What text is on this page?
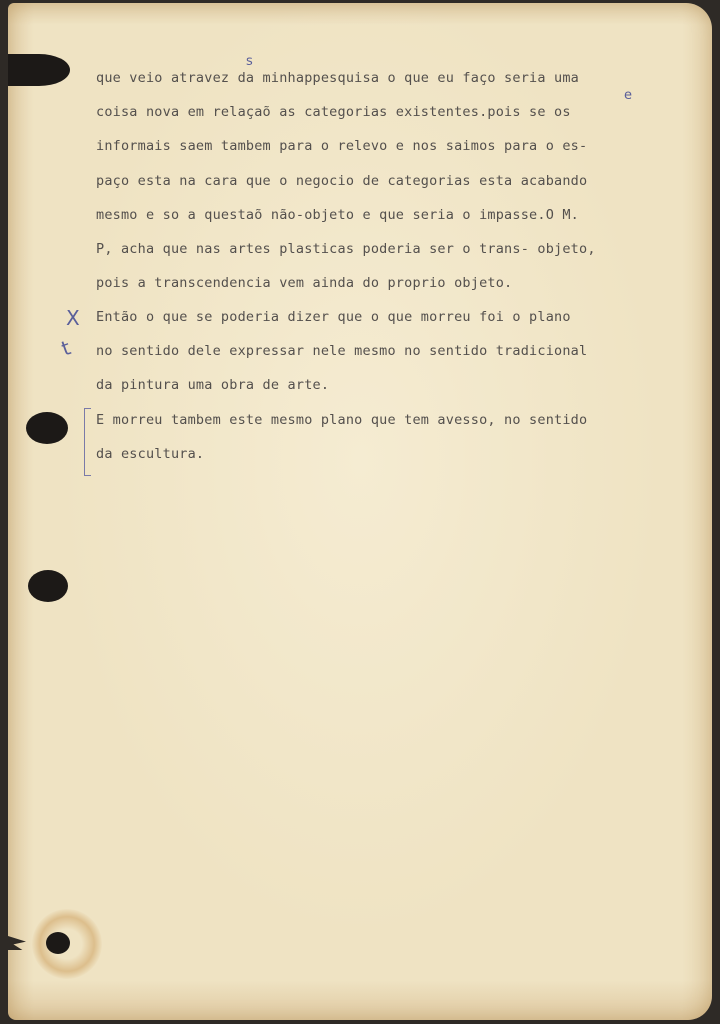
que veio atravez da minhappesquisa o que eu faço seria uma
coisa nova em relaçaõ as categorias existentes.pois se os
informais saem tambem para o relevo e nos saimos para o es-
paço esta na cara que o negocio de categorias esta acabando
mesmo e so a questaõ não-objeto e que seria o impasse.O M.
P, acha que nas artes plasticas poderia ser o trans- objeto,
pois a transcendencia vem ainda do proprio objeto.
Então o que se poderia dizer que o que morreu foi o plano
no sentido dele expressar nele mesmo no sentido tradicional
da pintura uma obra de arte.
E morreu tambem este mesmo plano que tem avesso, no sentido
da escultura.
s
e
X
t
